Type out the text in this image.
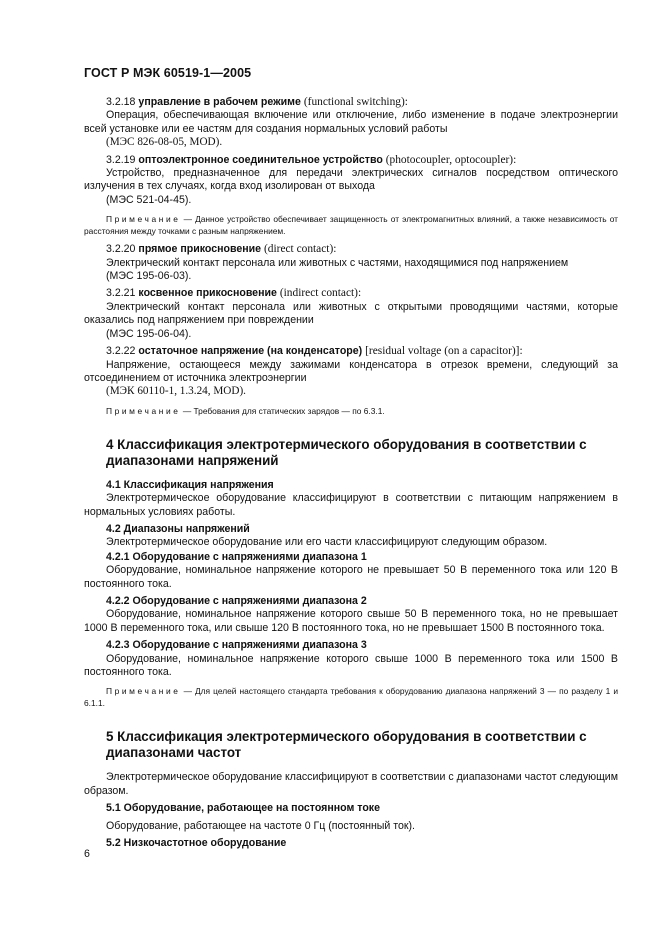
ГОСТ Р МЭК 60519-1—2005

3.2.18 управление в рабочем режиме (functional switching):

Операция, обеспечивающая включение или отключение, либо изменение в подаче электроэнергии всей установке или ее частям для создания нормальных условий работы

(МЭС 826-08-05, MOD).

3.2.19 оптоэлектронное соединительное устройство (photocoupler, optocoupler):

Устройство, предназначенное для передачи электрических сигналов посредством оптического излучения в тех случаях, когда вход изолирован от выхода

(МЭС 521-04-45).

Примечание — Данное устройство обеспечивает защищенность от электромагнитных влияний, а также независимость от расстояния между точками с разным напряжением.

3.2.20 прямое прикосновение (direct contact):

Электрический контакт персонала или животных с частями, находящимися под напряжением

(МЭС 195-06-03).

3.2.21 косвенное прикосновение (indirect contact):

Электрический контакт персонала или животных с открытыми проводящими частями, которые оказались под напряжением при повреждении

(МЭС 195-06-04).

3.2.22 остаточное напряжение (на конденсаторе) [residual voltage (on a capacitor)]:

Напряжение, остающееся между зажимами конденсатора в отрезок времени, следующий за отсоединением от источника электроэнергии

(МЭК 60110-1, 1.3.24, MOD).

Примечание — Требования для статических зарядов — по 6.3.1.

4 Классификация электротермического оборудования в соответствии с диапазонами напряжений

4.1 Классификация напряжения

Электротермическое оборудование классифицируют в соответствии с питающим напряжением в нормальных условиях работы.

4.2 Диапазоны напряжений

Электротермическое оборудование или его части классифицируют следующим образом.

4.2.1 Оборудование с напряжениями диапазона 1

Оборудование, номинальное напряжение которого не превышает 50 В переменного тока или 120 В постоянного тока.

4.2.2 Оборудование с напряжениями диапазона 2

Оборудование, номинальное напряжение которого свыше 50 В переменного тока, но не превышает 1000 В переменного тока, или свыше 120 В постоянного тока, но не превышает 1500 В постоянного тока.

4.2.3 Оборудование с напряжениями диапазона 3

Оборудование, номинальное напряжение которого свыше 1000 В переменного тока или 1500 В постоянного тока.

Примечание — Для целей настоящего стандарта требования к оборудованию диапазона напряжений 3 — по разделу 1 и 6.1.1.

5 Классификация электротермического оборудования в соответствии с диапазонами частот

Электротермическое оборудование классифицируют в соответствии с диапазонами частот следующим образом.

5.1 Оборудование, работающее на постоянном токе

Оборудование, работающее на частоте 0 Гц (постоянный ток).

5.2 Низкочастотное оборудование

6
